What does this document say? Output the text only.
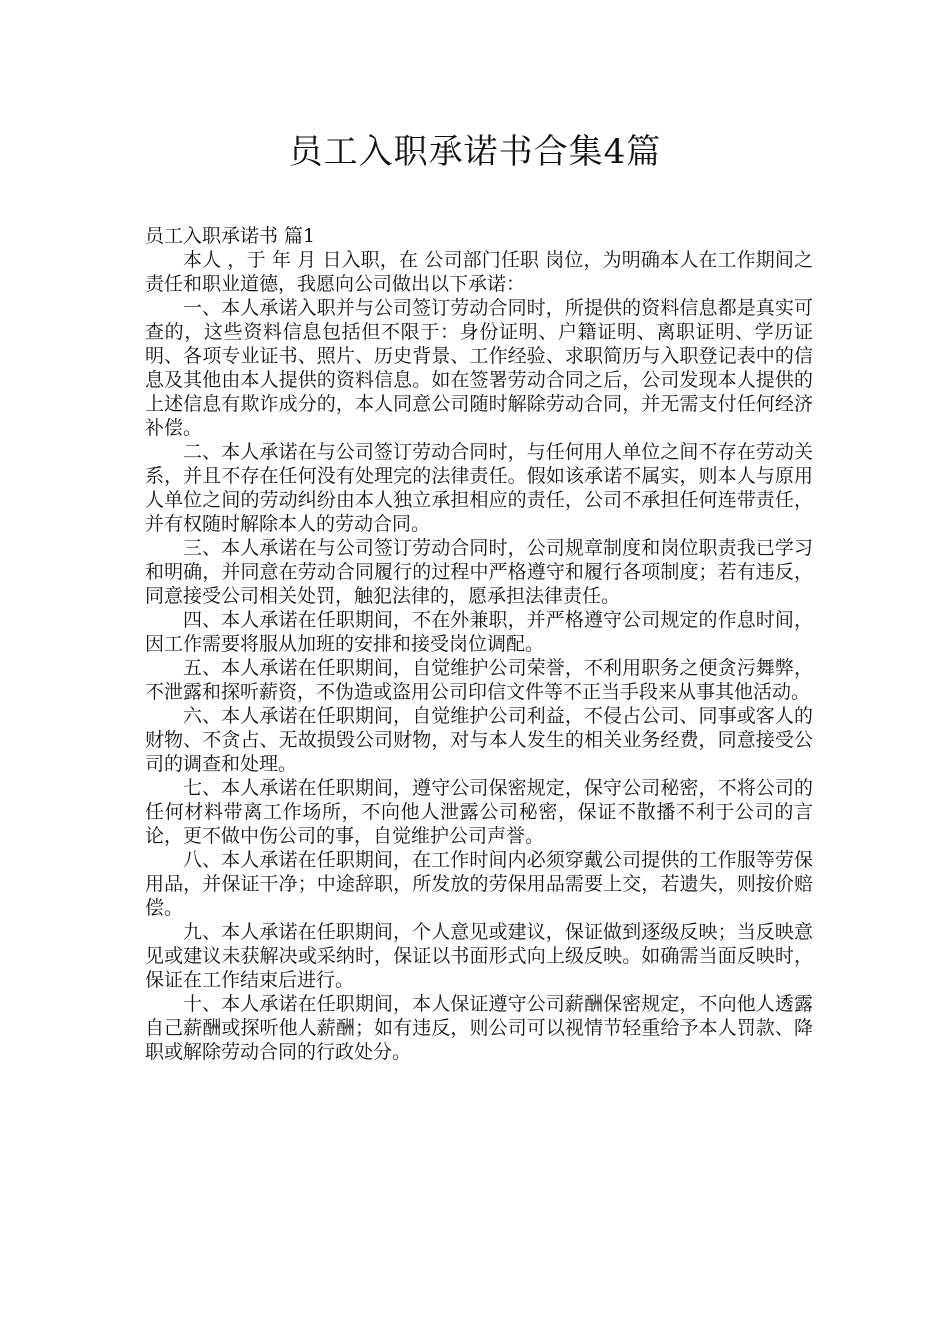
员工入职承诺书合集4篇

员工入职承诺书 篇1

本人 ，于 年 月 日入职，在 公司部门任职 岗位，为明确本人在工作期间之责任和职业道德，我愿向公司做出以下承诺：

一、本人承诺入职并与公司签订劳动合同时，所提供的资料信息都是真实可查的，这些资料信息包括但不限于：身份证明、户籍证明、离职证明、学历证明、各项专业证书、照片、历史背景、工作经验、求职简历与入职登记表中的信息及其他由本人提供的资料信息。如在签署劳动合同之后，公司发现本人提供的上述信息有欺诈成分的，本人同意公司随时解除劳动合同，并无需支付任何经济补偿。

二、本人承诺在与公司签订劳动合同时，与任何用人单位之间不存在劳动关系，并且不存在任何没有处理完的法律责任。假如该承诺不属实，则本人与原用人单位之间的劳动纠纷由本人独立承担相应的责任，公司不承担任何连带责任，并有权随时解除本人的劳动合同。

三、本人承诺在与公司签订劳动合同时，公司规章制度和岗位职责我已学习和明确，并同意在劳动合同履行的过程中严格遵守和履行各项制度；若有违反，同意接受公司相关处罚，触犯法律的，愿承担法律责任。

四、本人承诺在任职期间，不在外兼职，并严格遵守公司规定的作息时间，因工作需要将服从加班的安排和接受岗位调配。

五、本人承诺在任职期间，自觉维护公司荣誉，不利用职务之便贪污舞弊，不泄露和探听薪资，不伪造或盗用公司印信文件等不正当手段来从事其他活动。

六、本人承诺在任职期间，自觉维护公司利益，不侵占公司、同事或客人的财物、不贪占、无故损毁公司财物，对与本人发生的相关业务经费，同意接受公司的调查和处理。

七、本人承诺在任职期间，遵守公司保密规定，保守公司秘密，不将公司的任何材料带离工作场所，不向他人泄露公司秘密，保证不散播不利于公司的言论，更不做中伤公司的事，自觉维护公司声誉。

八、本人承诺在任职期间，在工作时间内必须穿戴公司提供的工作服等劳保用品，并保证干净；中途辞职，所发放的劳保用品需要上交，若遗失，则按价赔偿。

九、本人承诺在任职期间，个人意见或建议，保证做到逐级反映；当反映意见或建议未获解决或采纳时，保证以书面形式向上级反映。如确需当面反映时，保证在工作结束后进行。

十、本人承诺在任职期间，本人保证遵守公司薪酬保密规定，不向他人透露自己薪酬或探听他人薪酬；如有违反，则公司可以视情节轻重给予本人罚款、降职或解除劳动合同的行政处分。
